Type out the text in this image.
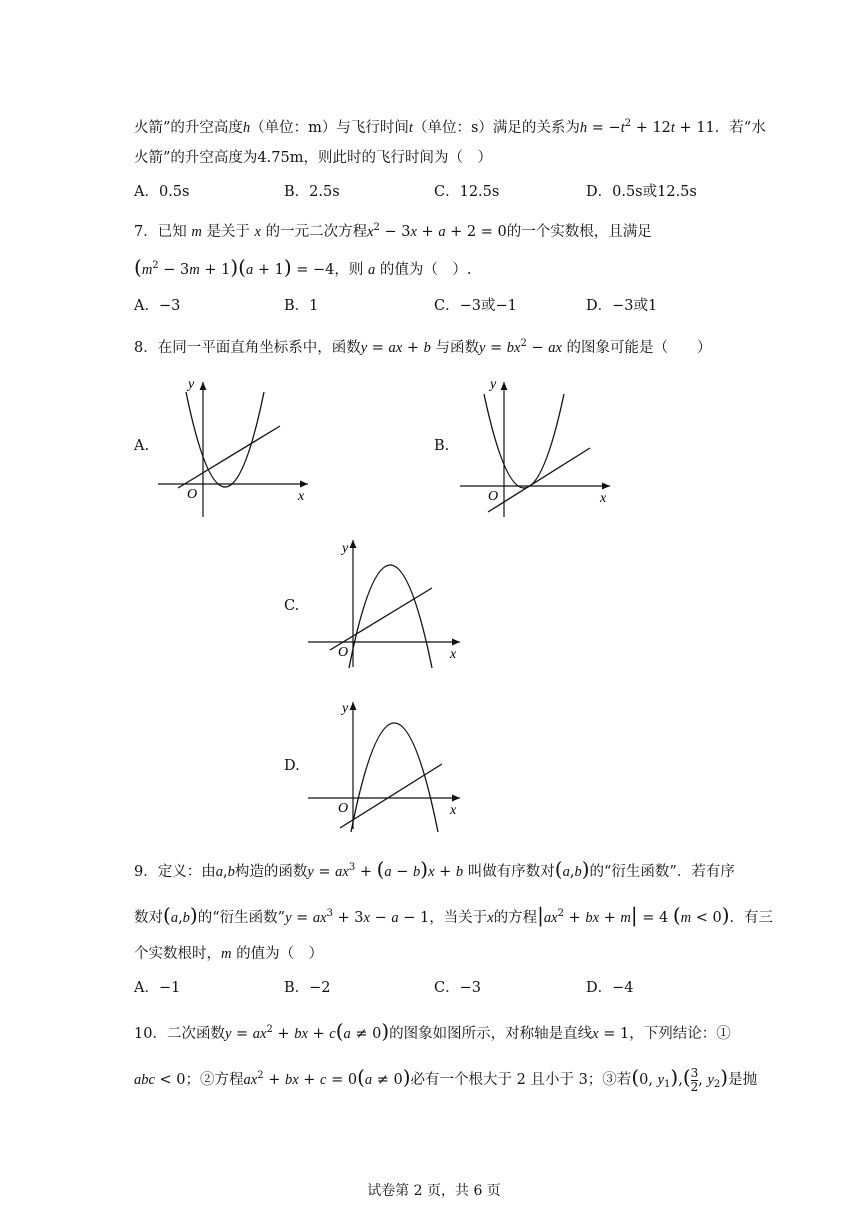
火箭”的升空高度h（单位：m）与飞行时间t（单位：s）满足的关系为$h = -t^2 + 12t + 11$．若“水
火箭”的升空高度为4.75m，则此时的飞行时间为（　）
A．0.5s	B．2.5s	C．12.5s	D．0.5s或12.5s
7．已知 m 是关于 x 的一元二次方程$x^2 - 3x + a + 2 = 0$的一个实数根，且满足
$(m^2 - 3m + 1)(a + 1) = -4$，则 a 的值为（　）.
A．−3	B．1	C．−3或−1	D．−3或1
8．在同一平面直角坐标系中，函数y = ax + b 与函数$y = bx^2$ − ax 的图象可能是（　　）
A.
y
x
O
B.
y
x
O
C.
y
x
O
D.
y
x
O
9．定义：由a,b构造的函数$y = ax^3 + (a - b)x + b$ 叫做有序数对(a,b)的“衍生函数”．若有序
数对(a,b)的“衍生函数”y = $ax^3 + 3x - a - 1$，当关于x的方程$|ax^2$ + bx + m| = 4 (m < 0)．有三
个实数根时，m 的值为（　）
A．−1	B．−2	C．−3	D．−4
10．二次函数$y = ax^2$ + bx + c(a ≠ 0)的图象如图所示，对称轴是直线x = 1，下列结论：①
abc < 0；②方程$ax^2$ + bx + c = 0(a ≠ 0)必有一个根大于 2 且小于 3；③若(0, $y_1),( \frac{3}{2}$ , $y_2$)是抛
试卷第 2 页，共 6 页
